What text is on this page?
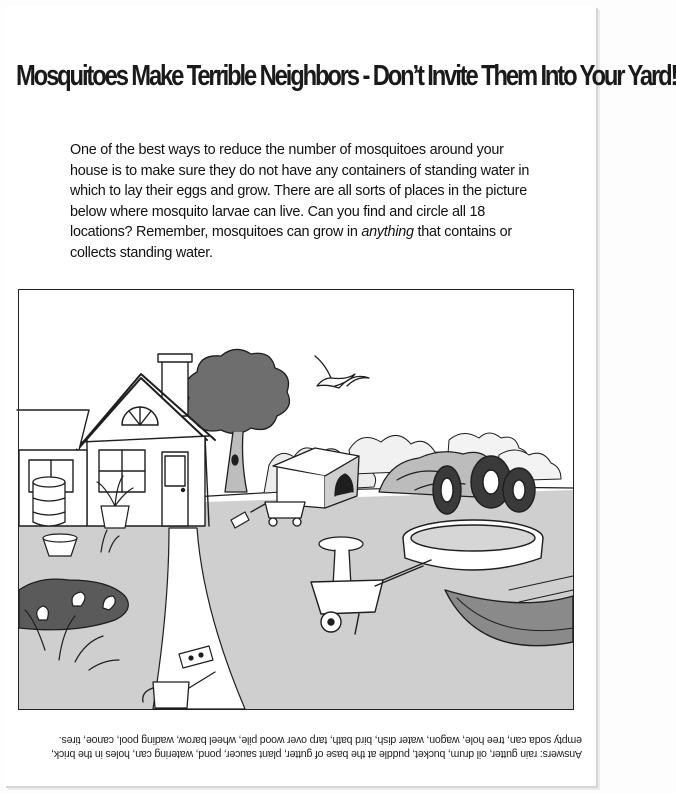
Mosquitoes Make Terrible Neighbors - Don’t Invite Them Into Your Yard!

One of the best ways to reduce the number of mosquitoes around your house is to make sure they do not have any containers of standing water in which to lay their eggs and grow. There are all sorts of places in the picture below where mosquito larvae can live. Can you find and circle all 18 locations? Remember, mosquitoes can grow in anything that contains or collects standing water.

Answers: rain gutter, oil drum, bucket, puddle at the base of gutter, plant saucer, pond, watering can, holes in the brick, empty soda can, tree hole, wagon, water dish, bird bath, tarp over wood pile, wheel barow, wading pool, canoe, tires.
